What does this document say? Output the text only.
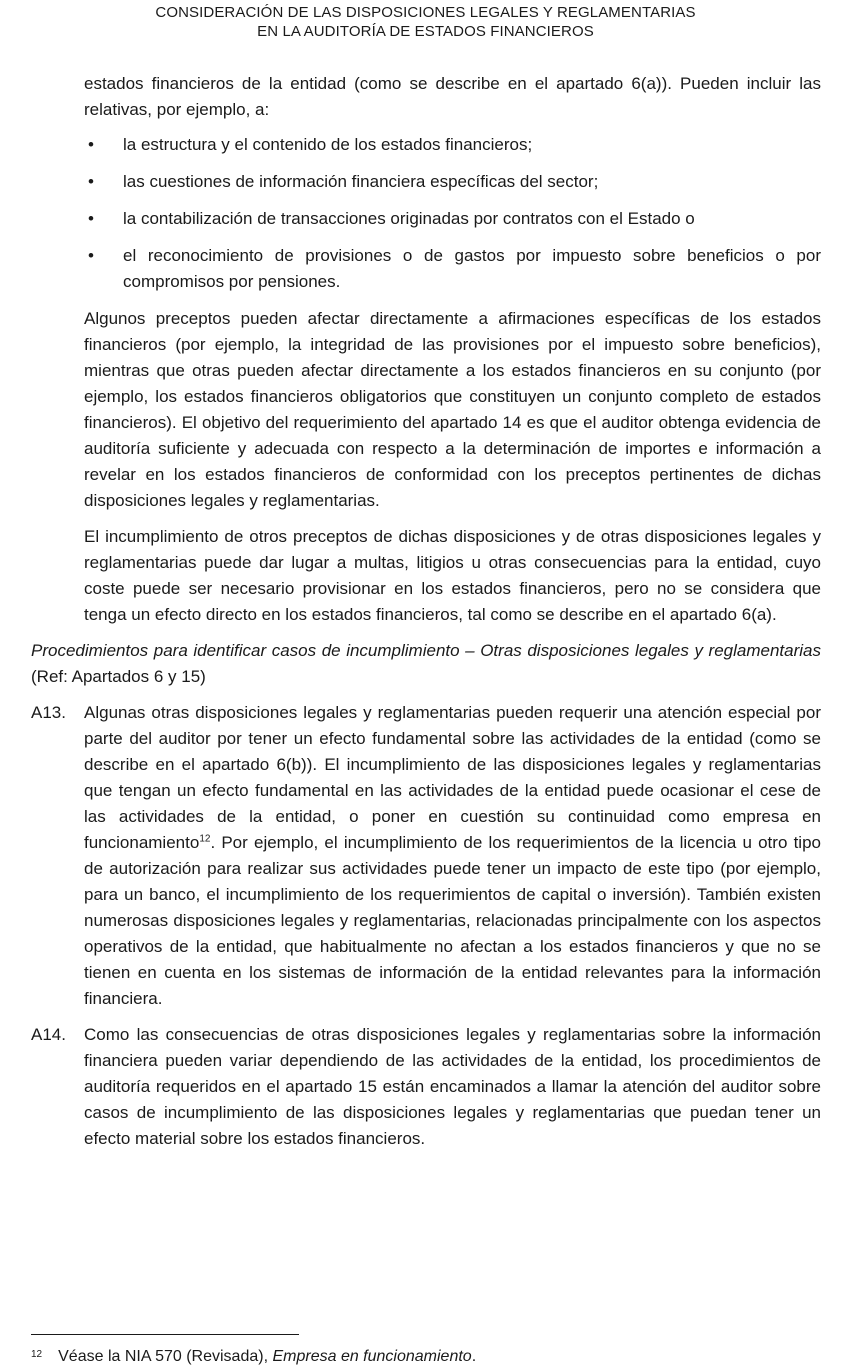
CONSIDERACIÓN DE LAS DISPOSICIONES LEGALES Y REGLAMENTARIAS
EN LA AUDITORÍA DE ESTADOS FINANCIEROS

estados financieros de la entidad (como se describe en el apartado 6(a)). Pueden incluir las relativas, por ejemplo, a:

• la estructura y el contenido de los estados financieros;
• las cuestiones de información financiera específicas del sector;
• la contabilización de transacciones originadas por contratos con el Estado o
• el reconocimiento de provisiones o de gastos por impuesto sobre beneficios o por compromisos por pensiones.

Algunos preceptos pueden afectar directamente a afirmaciones específicas de los estados financieros (por ejemplo, la integridad de las provisiones por el impuesto sobre beneficios), mientras que otras pueden afectar directamente a los estados financieros en su conjunto (por ejemplo, los estados financieros obligatorios que constituyen un conjunto completo de estados financieros). El objetivo del requerimiento del apartado 14 es que el auditor obtenga evidencia de auditoría suficiente y adecuada con respecto a la determinación de importes e información a revelar en los estados financieros de conformidad con los preceptos pertinentes de dichas disposiciones legales y reglamentarias.

El incumplimiento de otros preceptos de dichas disposiciones y de otras disposiciones legales y reglamentarias puede dar lugar a multas, litigios u otras consecuencias para la entidad, cuyo coste puede ser necesario provisionar en los estados financieros, pero no se considera que tenga un efecto directo en los estados financieros, tal como se describe en el apartado 6(a).

Procedimientos para identificar casos de incumplimiento – Otras disposiciones legales y reglamentarias (Ref: Apartados 6 y 15)

A13.	Algunas otras disposiciones legales y reglamentarias pueden requerir una atención especial por parte del auditor por tener un efecto fundamental sobre las actividades de la entidad (como se describe en el apartado 6(b)). El incumplimiento de las disposiciones legales y reglamentarias que tengan un efecto fundamental en las actividades de la entidad puede ocasionar el cese de las actividades de la entidad, o poner en cuestión su continuidad como empresa en funcionamiento$^{12}$. Por ejemplo, el incumplimiento de los requerimientos de la licencia u otro tipo de autorización para realizar sus actividades puede tener un impacto de este tipo (por ejemplo, para un banco, el incumplimiento de los requerimientos de capital o inversión). También existen numerosas disposiciones legales y reglamentarias, relacionadas principalmente con los aspectos operativos de la entidad, que habitualmente no afectan a los estados financieros y que no se tienen en cuenta en los sistemas de información de la entidad relevantes para la información financiera.
A14.	Como las consecuencias de otras disposiciones legales y reglamentarias sobre la información financiera pueden variar dependiendo de las actividades de la entidad, los procedimientos de auditoría requeridos en el apartado 15 están encaminados a llamar la atención del auditor sobre casos de incumplimiento de las disposiciones legales y reglamentarias que puedan tener un efecto material sobre los estados financieros.
$^{12}$ Véase la NIA 570 (Revisada), Empresa en funcionamiento.
